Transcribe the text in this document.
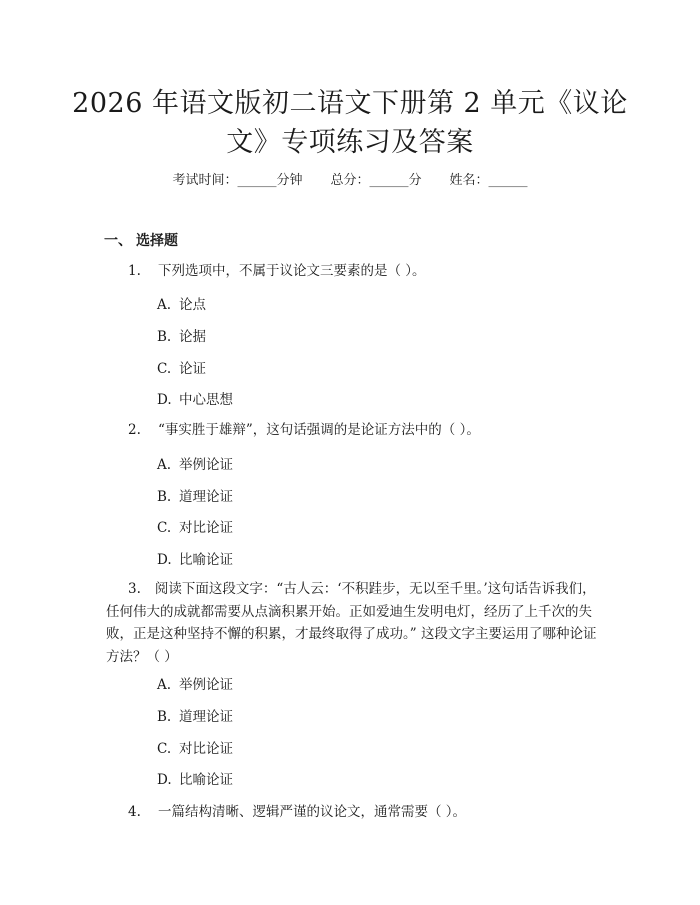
2026 年语文版初二语文下册第 2 单元《议论文》专项练习及答案
考试时间：______分钟 总分：______分 姓名：______
一、 选择题
1. 下列选项中，不属于议论文三要素的是（ ）。
A. 论点
B. 论据
C. 论证
D. 中心思想
2. “事实胜于雄辩”，这句话强调的是论证方法中的（ ）。
A. 举例论证
B. 道理论证
C. 对比论证
D. 比喻论证
3. 阅读下面这段文字：“古人云：‘不积跬步，无以至千里。’这句话告诉我们，任何伟大的成就都需要从点滴积累开始。正如爱迪生发明电灯，经历了上千次的失败，正是这种坚持不懈的积累，才最终取得了成功。” 这段文字主要运用了哪种论证方法？（ ）
A. 举例论证
B. 道理论证
C. 对比论证
D. 比喻论证
4. 一篇结构清晰、逻辑严谨的议论文，通常需要（ ）。
